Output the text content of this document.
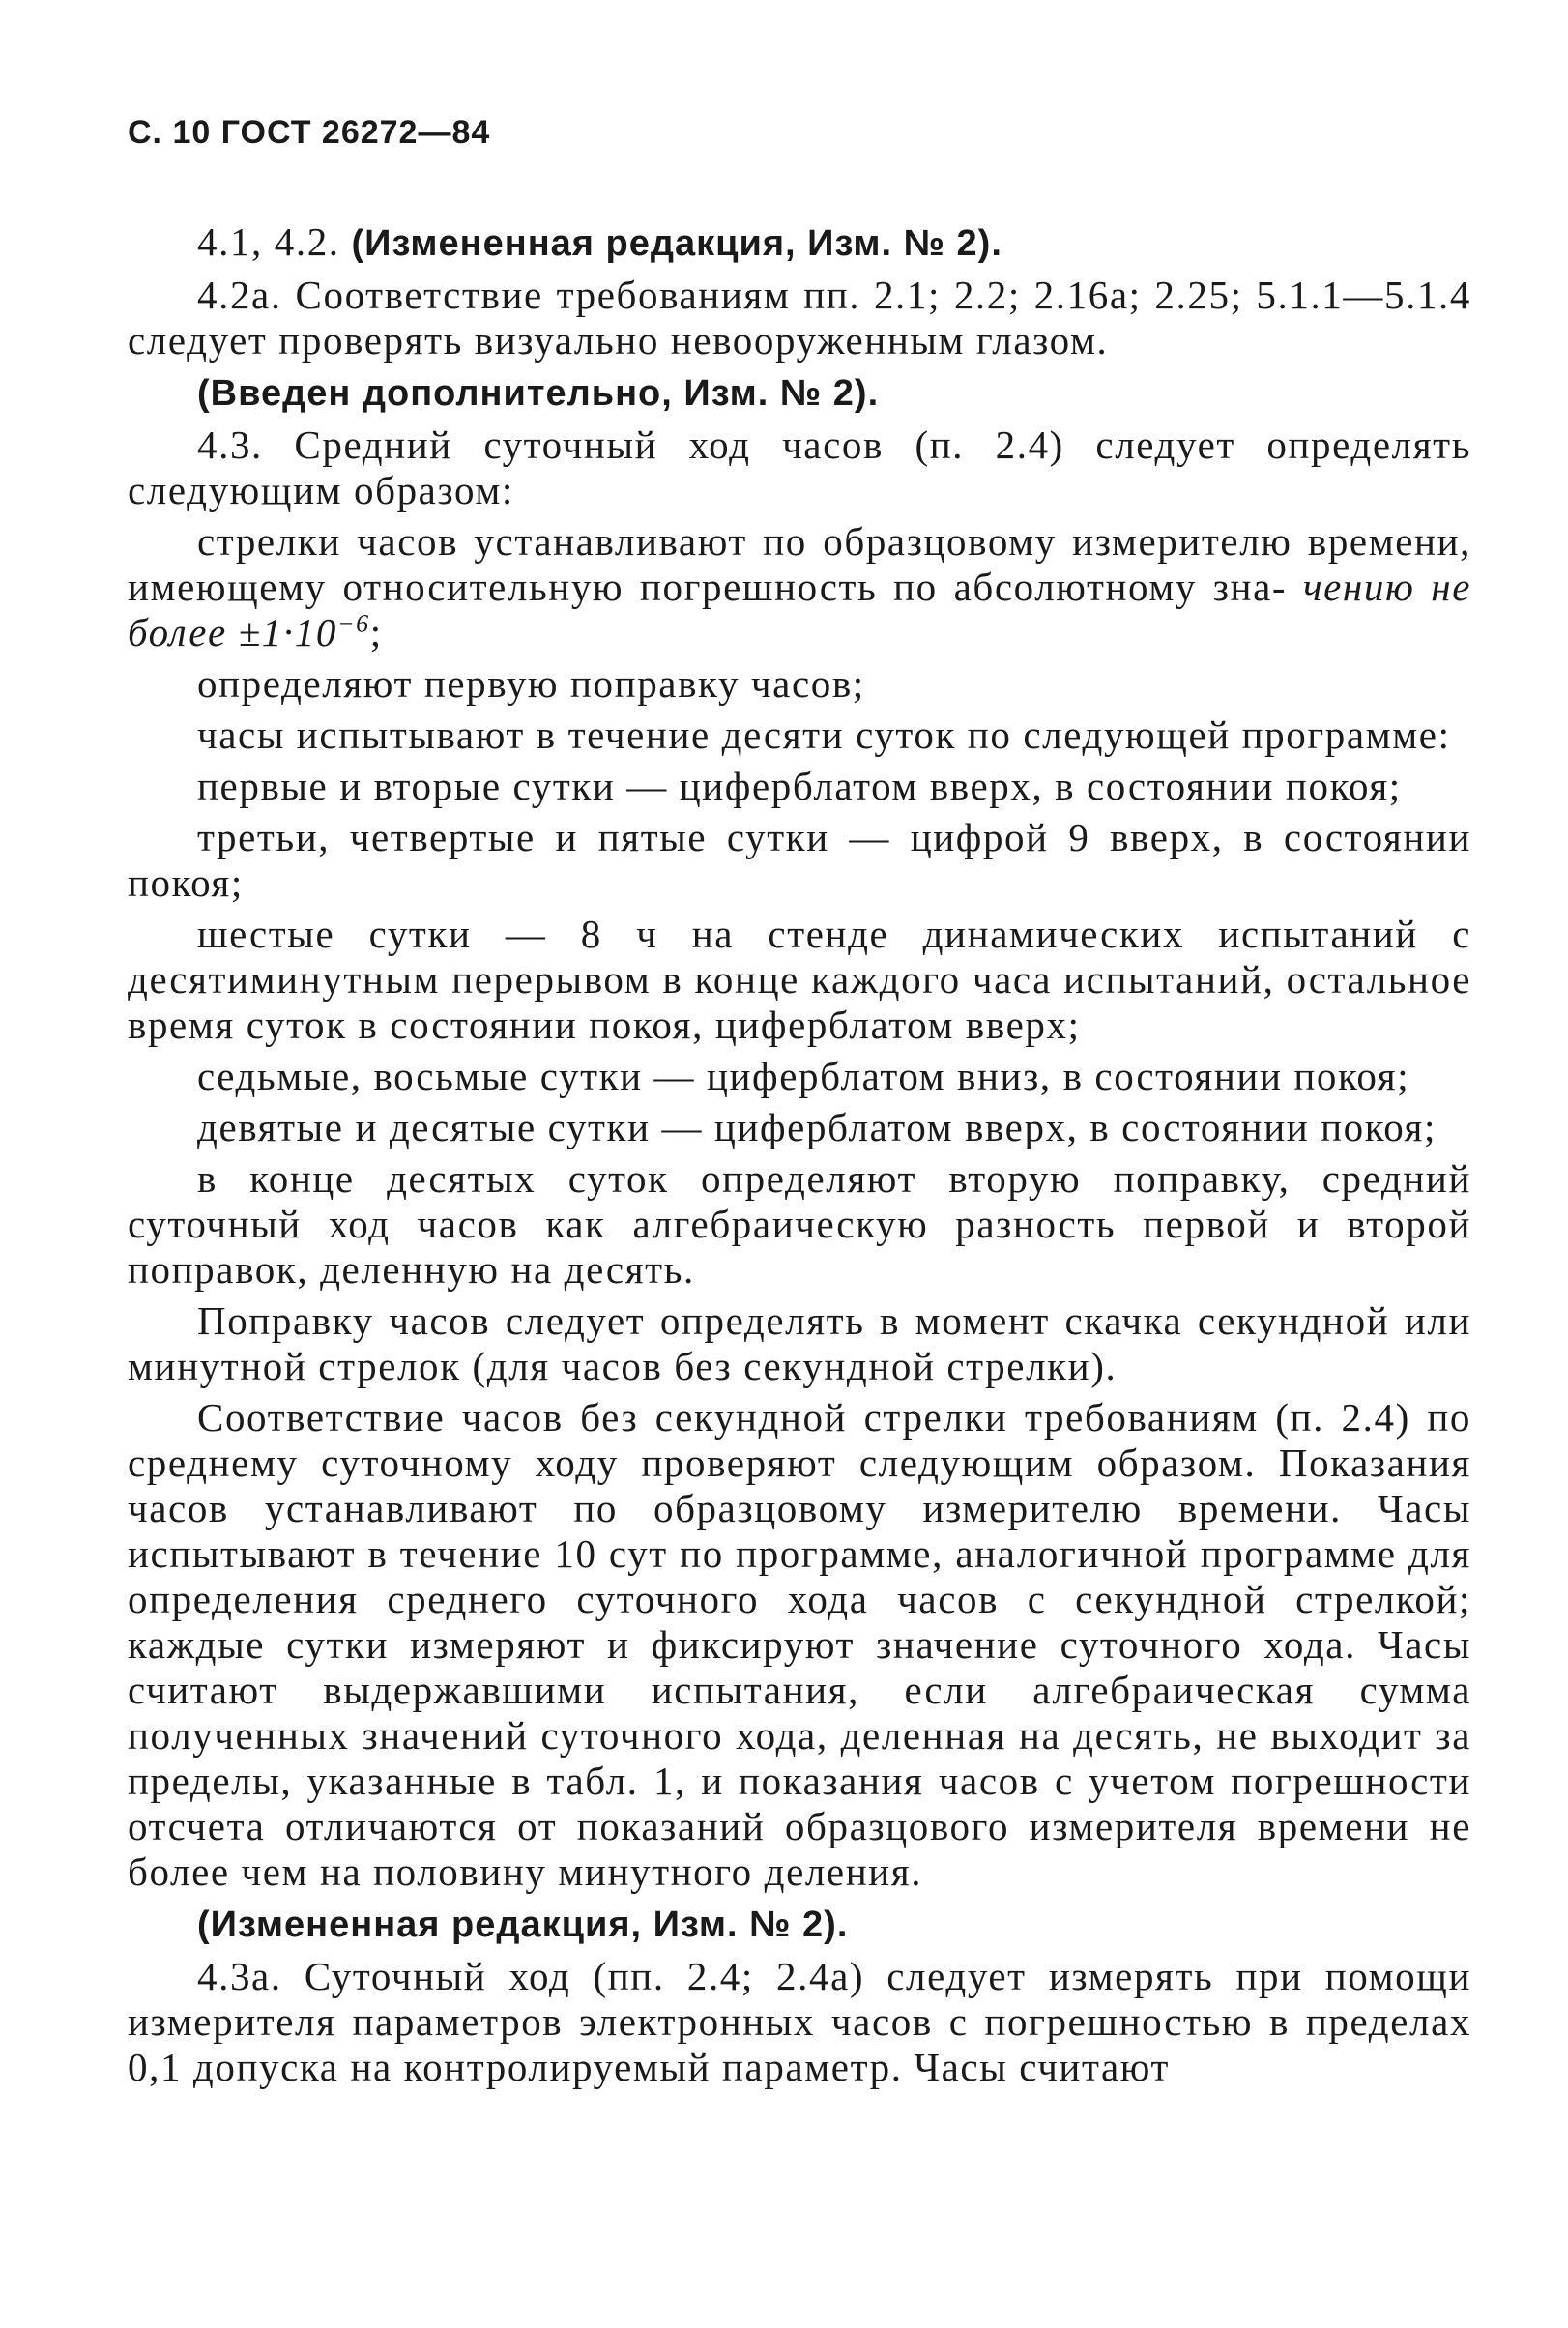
С. 10 ГОСТ 26272—84

4.1, 4.2. (Измененная редакция, Изм. № 2).

4.2а. Соответствие требованиям пп. 2.1; 2.2; 2.16а; 2.25; 5.1.1—5.1.4 следует проверять визуально невооруженным глазом.

(Введен дополнительно, Изм. № 2).

4.3. Средний суточный ход часов (п. 2.4) следует определять следующим образом:

стрелки часов устанавливают по образцовому измерителю времени, имеющему относительную погрешность по абсолютному зна- чению не более $\pm 1\cdot 10^{-6}$;

определяют первую поправку часов;

часы испытывают в течение десяти суток по следующей программе:

первые и вторые сутки — циферблатом вверх, в состоянии покоя;

третьи, четвертые и пятые сутки — цифрой 9 вверх, в состоянии покоя;

шестые сутки — 8 ч на стенде динамических испытаний с десятиминутным перерывом в конце каждого часа испытаний, остальное время суток в состоянии покоя, циферблатом вверх;

седьмые, восьмые сутки — циферблатом вниз, в состоянии покоя;

девятые и десятые сутки — циферблатом вверх, в состоянии покоя;

в конце десятых суток определяют вторую поправку, средний суточный ход часов как алгебраическую разность первой и второй поправок, деленную на десять.

Поправку часов следует определять в момент скачка секундной или минутной стрелок (для часов без секундной стрелки).

Соответствие часов без секундной стрелки требованиям (п. 2.4) по среднему суточному ходу проверяют следующим образом. Показания часов устанавливают по образцовому измерителю времени. Часы испытывают в течение 10 сут по программе, аналогичной программе для определения среднего суточного хода часов с секундной стрелкой; каждые сутки измеряют и фиксируют значение суточного хода. Часы считают выдержавшими испытания, если алгебраическая сумма полученных значений суточного хода, деленная на десять, не выходит за пределы, указанные в табл. 1, и показания часов с учетом погрешности отсчета отличаются от показаний образцового измерителя времени не более чем на половину минутного деления.

(Измененная редакция, Изм. № 2).

4.3а. Суточный ход (пп. 2.4; 2.4а) следует измерять при помощи измерителя параметров электронных часов с погрешностью в пределах 0,1 допуска на контролируемый параметр. Часы считают
